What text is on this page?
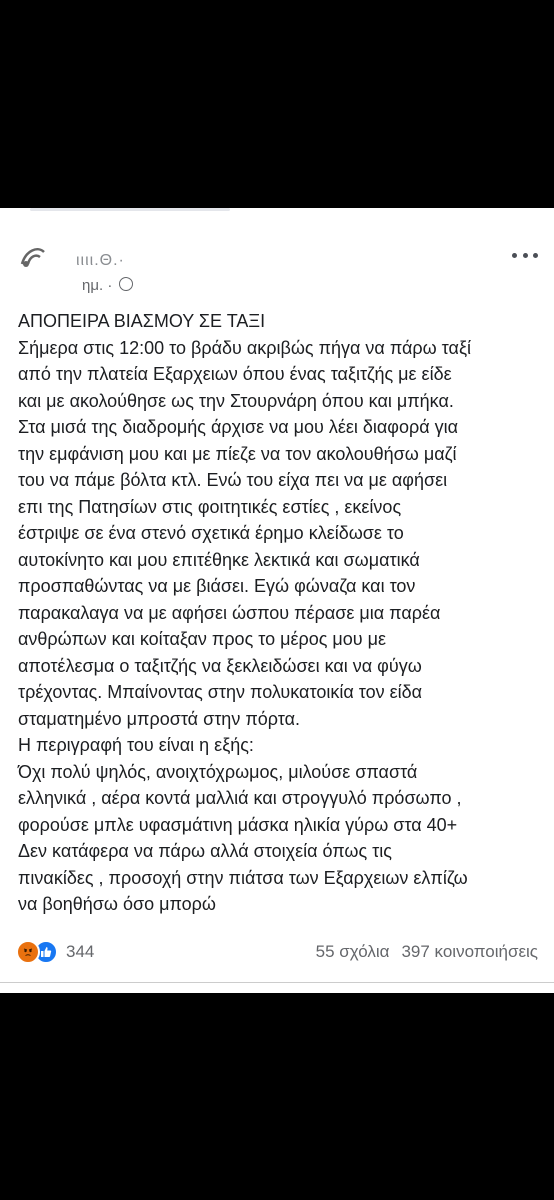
ιιιι.Θ.·
ημ. ·

ΑΠΟΠΕΙΡΑ ΒΙΑΣΜΟΥ ΣΕ ΤΑΞΙ

Σήμερα στις 12:00 το βράδυ ακριβώς πήγα να πάρω ταξί

από την πλατεία Εξαρχειων όπου ένας ταξιτζής με είδε

και με ακολούθησε ως την Στουρνάρη όπου και μπήκα.

Στα μισά της διαδρομής άρχισε να μου λέει διαφορά για

την εμφάνιση μου και με πίεζε να τον ακολουθήσω μαζί

του να πάμε βόλτα κτλ. Ενώ του είχα πει να με αφήσει

επι της Πατησίων στις φοιτητικές εστίες , εκείνος

έστριψε σε ένα στενό σχετικά έρημο κλείδωσε το

αυτοκίνητο και μου επιτέθηκε λεκτικά και σωματικά

προσπαθώντας να με βιάσει. Εγώ φώναζα και τον

παρακαλαγα να με αφήσει ώσπου πέρασε μια παρέα

ανθρώπων και κοίταξαν προς το μέρος μου με

αποτέλεσμα ο ταξιτζής να ξεκλειδώσει και να φύγω

τρέχοντας. Μπαίνοντας στην πολυκατοικία τον είδα

σταματημένο μπροστά στην πόρτα.

Η περιγραφή του είναι η εξής:

Όχι πολύ ψηλός, ανοιχτόχρωμος, μιλούσε σπαστά

ελληνικά , αέρα κοντά μαλλιά και στρογγυλό πρόσωπο ,

φορούσε μπλε υφασμάτινη μάσκα ηλικία γύρω στα 40+

Δεν κατάφερα να πάρω αλλά στοιχεία όπως τις

πινακίδες , προσοχή στην πιάτσα των Εξαρχειων ελπίζω

να βοηθήσω όσο μπορώ

344	55 σχόλια 397 κοινοποιήσεις
